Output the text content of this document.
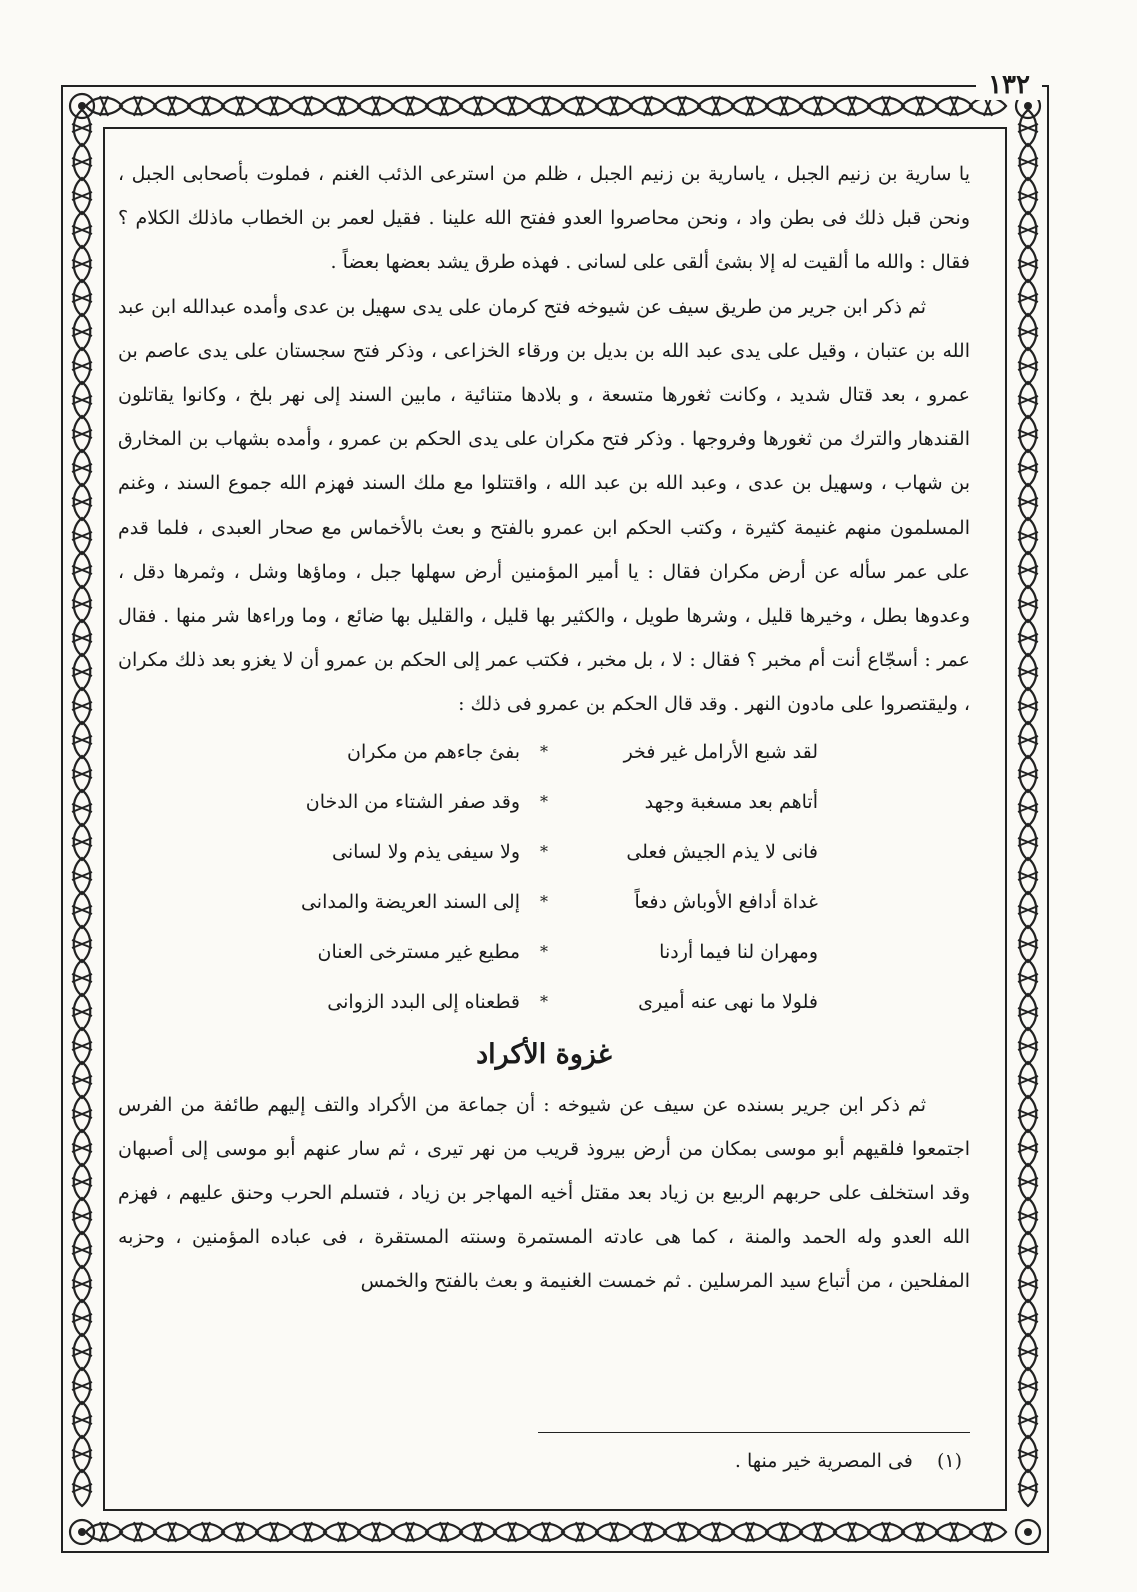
١٣٢

يا سارية بن زنيم الجبل ، ياسارية بن زنيم الجبل ، ظلم من استرعى الذئب الغنم ، فملوت بأصحابى الجبل ، ونحن قبل ذلك فى بطن واد ، ونحن محاصروا العدو ففتح الله علينا . فقيل لعمر بن الخطاب ماذلك الكلام ؟ فقال : والله ما ألقيت له إلا بشئ ألقى على لسانى . فهذه طرق يشد بعضها بعضاً .

ثم ذكر ابن جرير من طريق سيف عن شيوخه فتح كرمان على يدى سهيل بن عدى وأمده عبدالله ابن عبد الله بن عتبان ، وقيل على يدى عبد الله بن بديل بن ورقاء الخزاعى ، وذكر فتح سجستان على يدى عاصم بن عمرو ، بعد قتال شديد ، وكانت ثغورها متسعة ، و بلادها متنائية ، مابين السند إلى نهر بلخ ، وكانوا يقاتلون القندهار والترك من ثغورها وفروجها . وذكر فتح مكران على يدى الحكم بن عمرو ، وأمده بشهاب بن المخارق بن شهاب ، وسهيل بن عدى ، وعبد الله بن عبد الله ، واقتتلوا مع ملك السند فهزم الله جموع السند ، وغنم المسلمون منهم غنيمة كثيرة ، وكتب الحكم ابن عمرو بالفتح و بعث بالأخماس مع صحار العبدى ، فلما قدم على عمر سأله عن أرض مكران فقال : يا أمير المؤمنين أرض سهلها جبل ، وماؤها وشل ، وثمرها دقل ، وعدوها بطل ، وخيرها قليل ، وشرها طويل ، والكثير بها قليل ، والقليل بها ضائع ، وما وراءها شر منها . فقال عمر : أسجّاع أنت أم مخبر ؟ فقال : لا ، بل مخبر ، فكتب عمر إلى الحكم بن عمرو أن لا يغزو بعد ذلك مكران ، وليقتصروا على مادون النهر . وقد قال الحكم بن عمرو فى ذلك :

لقد شبع الأرامل غير فخر
*
بفئ جاءهم من مكران
أتاهم بعد مسغبة وجهد
*
وقد صفر الشتاء من الدخان
فانى لا يذم الجيش فعلى
*
ولا سيفى يذم ولا لسانى
غداة أدافع الأوباش دفعاً
*
إلى السند العريضة والمدانى
ومهران لنا فيما أردنا
*
مطيع غير مسترخى العنان
فلولا ما نهى عنه أميرى
*
قطعناه إلى البدد الزوانى

غزوة الأكراد

ثم ذكر ابن جرير بسنده عن سيف عن شيوخه : أن جماعة من الأكراد والتف إليهم طائفة من الفرس اجتمعوا فلقيهم أبو موسى بمكان من أرض بيروذ قريب من نهر تيرى ، ثم سار عنهم أبو موسى إلى أصبهان وقد استخلف على حربهم الربيع بن زياد بعد مقتل أخيه المهاجر بن زياد ، فتسلم الحرب وحنق عليهم ، فهزم الله العدو وله الحمد والمنة ، كما هى عادته المستمرة وسنته المستقرة ، فى عباده المؤمنين ، وحزبه المفلحين ، من أتباع سيد المرسلين . ثم خمست الغنيمة و بعث بالفتح والخمس

(١) فى المصرية خير منها .
